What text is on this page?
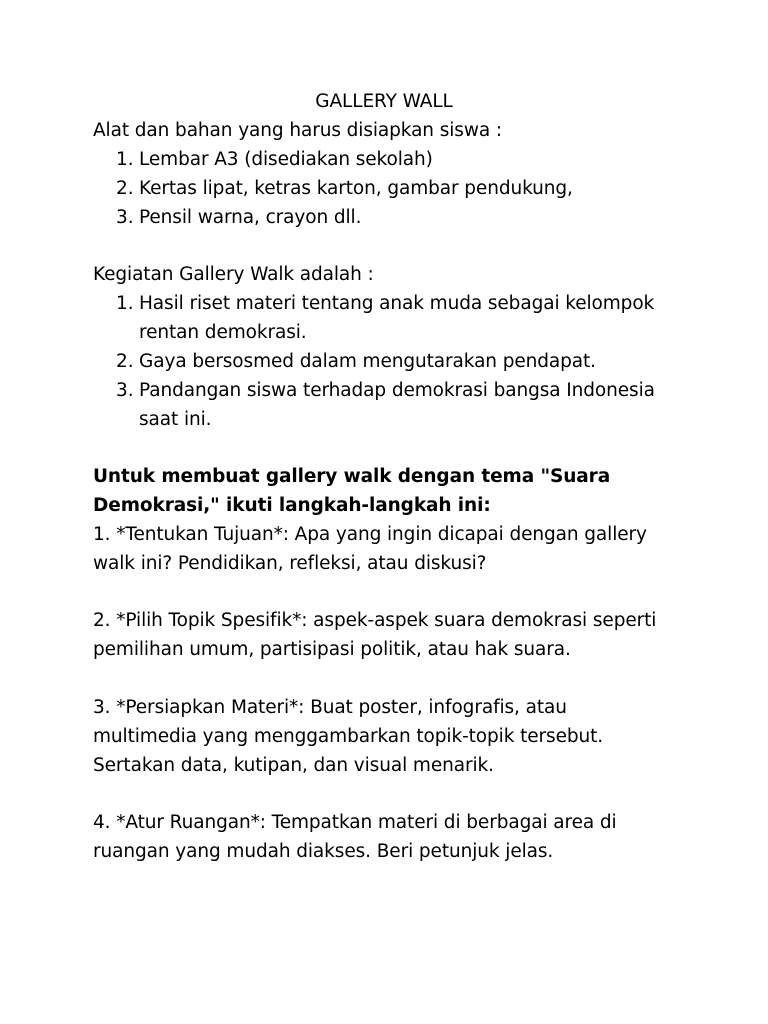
GALLERY WALL
Alat dan bahan yang harus disiapkan siswa :
1. Lembar A3 (disediakan sekolah)
2. Kertas lipat, ketras karton, gambar pendukung,
3. Pensil warna, crayon dll.
Kegiatan Gallery Walk adalah :
1. Hasil riset materi tentang anak muda sebagai kelompok
rentan demokrasi.
2. Gaya bersosmed dalam mengutarakan pendapat.
3. Pandangan siswa terhadap demokrasi bangsa Indonesia
saat ini.
Untuk membuat gallery walk dengan tema "Suara
Demokrasi," ikuti langkah-langkah ini:
1. *Tentukan Tujuan*: Apa yang ingin dicapai dengan gallery
walk ini? Pendidikan, refleksi, atau diskusi?
2. *Pilih Topik Spesifik*: aspek-aspek suara demokrasi seperti
pemilihan umum, partisipasi politik, atau hak suara.
3. *Persiapkan Materi*: Buat poster, infografis, atau
multimedia yang menggambarkan topik-topik tersebut.
Sertakan data, kutipan, dan visual menarik.
4. *Atur Ruangan*: Tempatkan materi di berbagai area di
ruangan yang mudah diakses. Beri petunjuk jelas.
